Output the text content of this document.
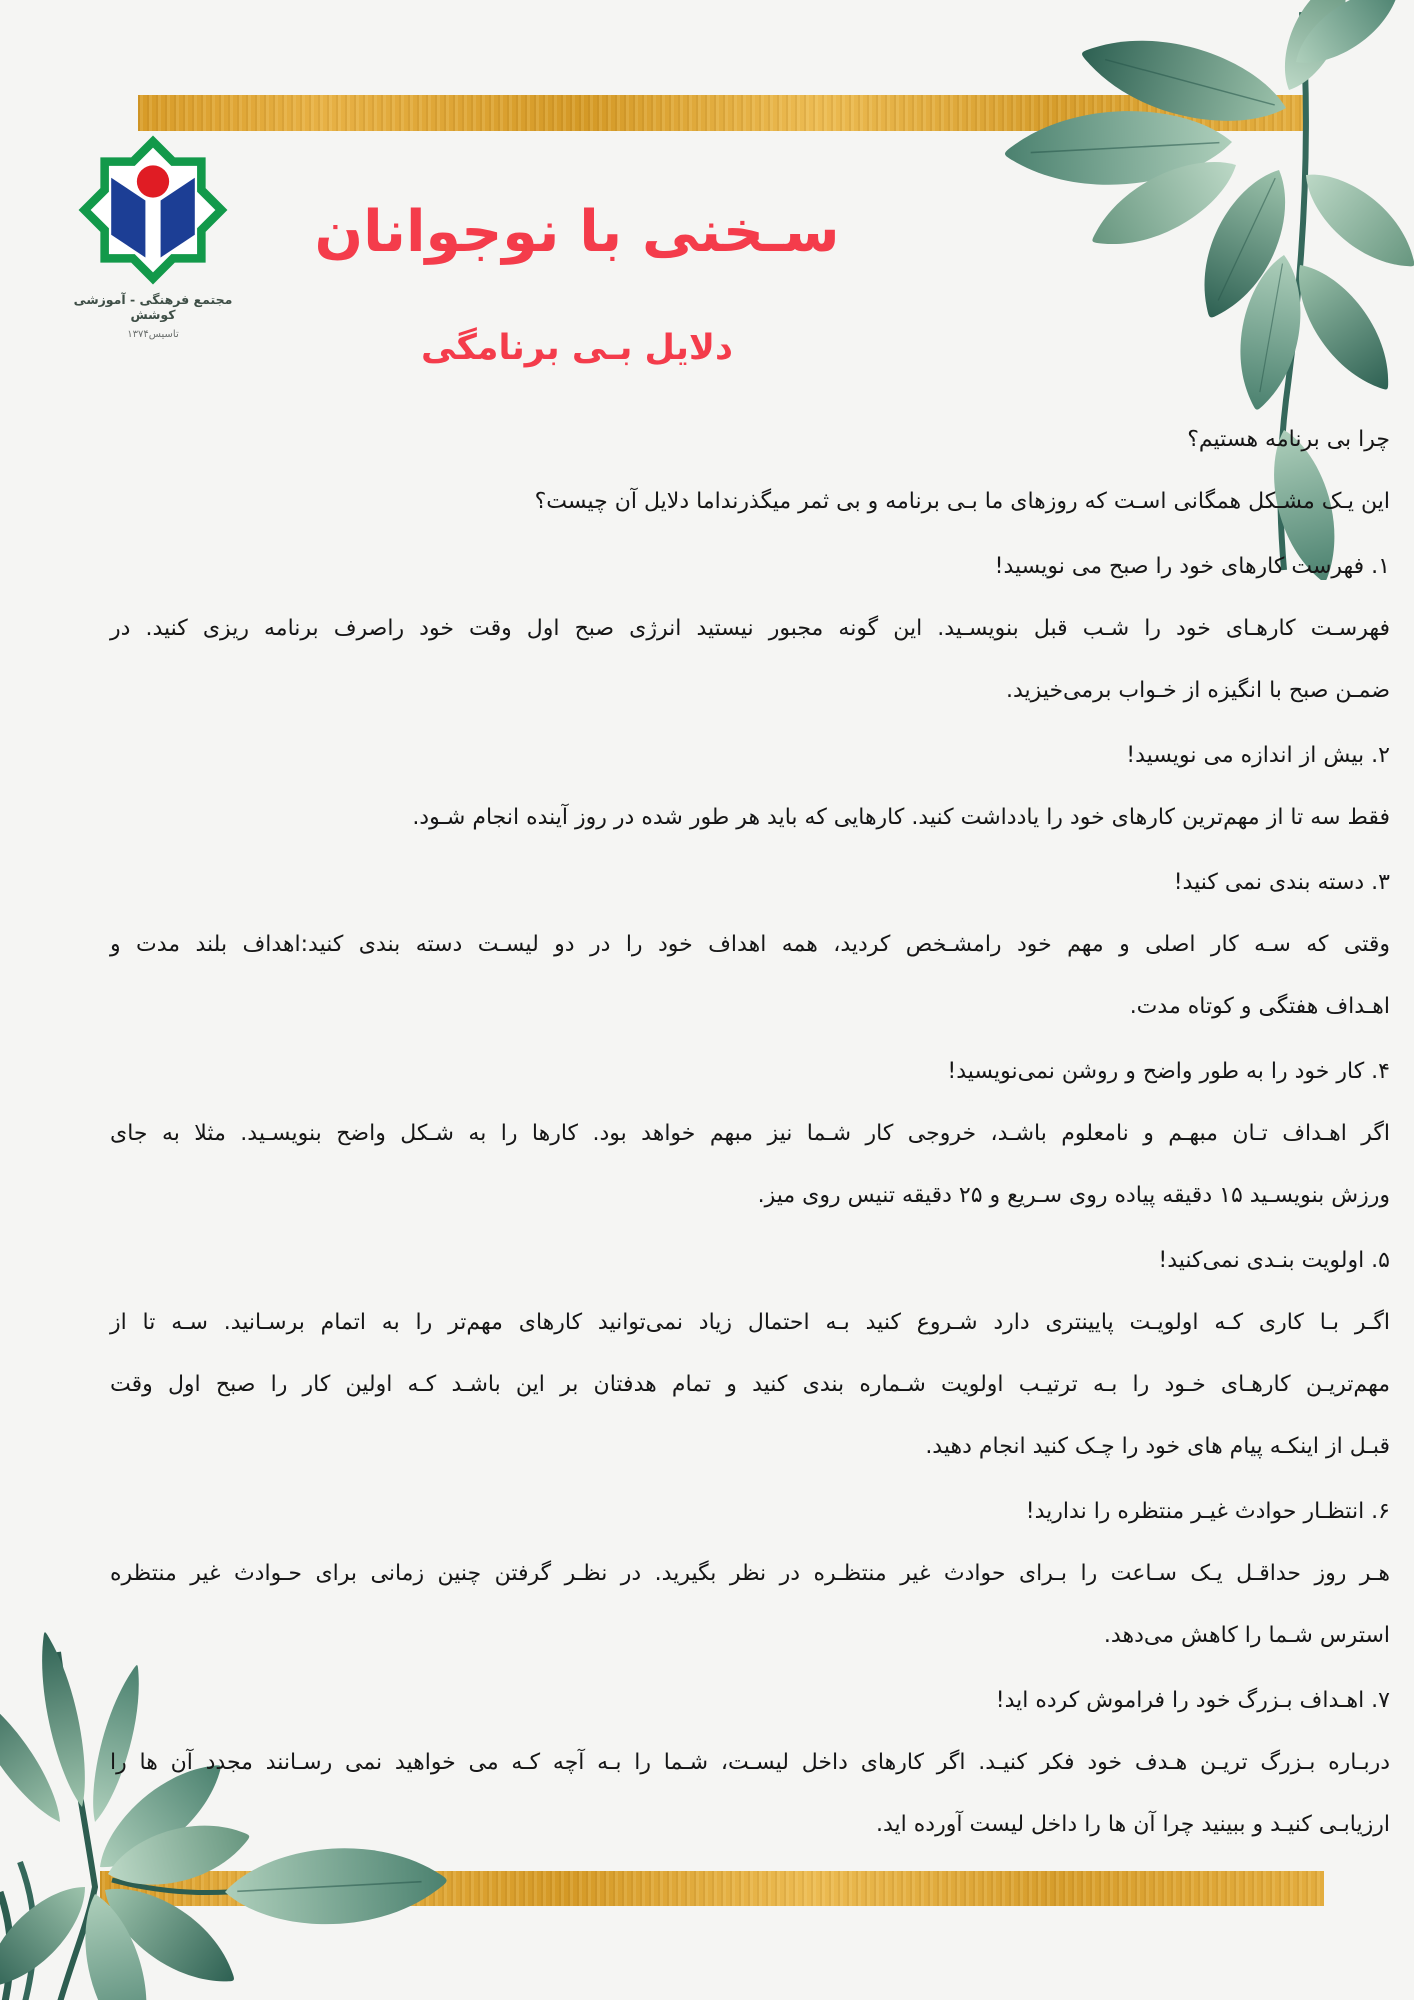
مجتمع فرهنگی - آموزشی کوشش
تاسیس۱۳۷۴
سـخنی با نوجوانان
دلایل بـی برنامگی
چرا بی برنامه هستیم؟
این یـک مشـکل همگانی اسـت که روزهای ما بـی برنامه و بی ثمر میگذرنداما دلایل آن چیست؟
۱. فهرست کارهای خود را صبح می نویسید!
فهرسـت کارهـای خود را شـب قبل بنویسـید. این گونه مجبور نیستید انرژی صبح اول وقت خود راصرف برنامه ریزی کنید. در
ضمـن صبح با انگیزه از خـواب برمی‌خیزید.
۲. بیش از اندازه می نویسید!
فقط سه تا از مهم‌ترین کارهای خود را یادداشت کنید. کارهایی که باید هر طور شده در روز آینده انجام شـود.
۳. دسته بندی نمی کنید!
وقتی که سـه کار اصلی و مهم خود رامشـخص کردید، همه اهداف خود را در دو لیسـت دسته بندی کنید:اهداف بلند مدت و
اهـداف هفتگی و کوتاه مدت.
۴. کار خود را به طور واضح و روشن نمی‌نویسید!
اگر اهـداف تـان مبهـم و نامعلوم باشـد، خروجی کار شـما نیز مبهم خواهد بود. کارها را به شـکل واضح بنویسـید. مثلا به جای
ورزش بنویسـید ۱۵ دقیقه پیاده روی سـریع و ۲۵ دقیقه تنیس روی میز.
۵. اولویت بنـدی نمی‌کنید!
اگـر بـا کاری کـه اولویـت پایینتری دارد شـروع کنید بـه احتمال زیاد نمی‌توانید کارهای مهم‌تر را به اتمام برسـانید. سـه تا از
مهم‌تریـن کارهـای خـود را بـه ترتیـب اولویت شـماره بندی کنید و تمام هدفتان بر این باشـد کـه اولین کار را صبح اول وقت
قبـل از اینکـه پیام های خود را چـک کنید انجام دهید.
۶. انتظـار حوادث غیـر منتظره را ندارید!
هـر روز حداقـل یـک سـاعت را بـرای حوادث غیر منتظـره در نظر بگیرید. در نظـر گرفتن چنین زمانی برای حـوادث غیر منتظره
استرس شـما را کاهش می‌دهد.
۷. اهـداف بـزرگ خود را فراموش کرده اید!
دربـاره بـزرگ تریـن هـدف خود فکر کنیـد. اگر کارهای داخل لیسـت، شـما را بـه آچه کـه می خواهید نمی رسـانند مجدد آن ها را
ارزیابـی کنیـد و ببینید چرا آن ها را داخل لیست آورده اید.
